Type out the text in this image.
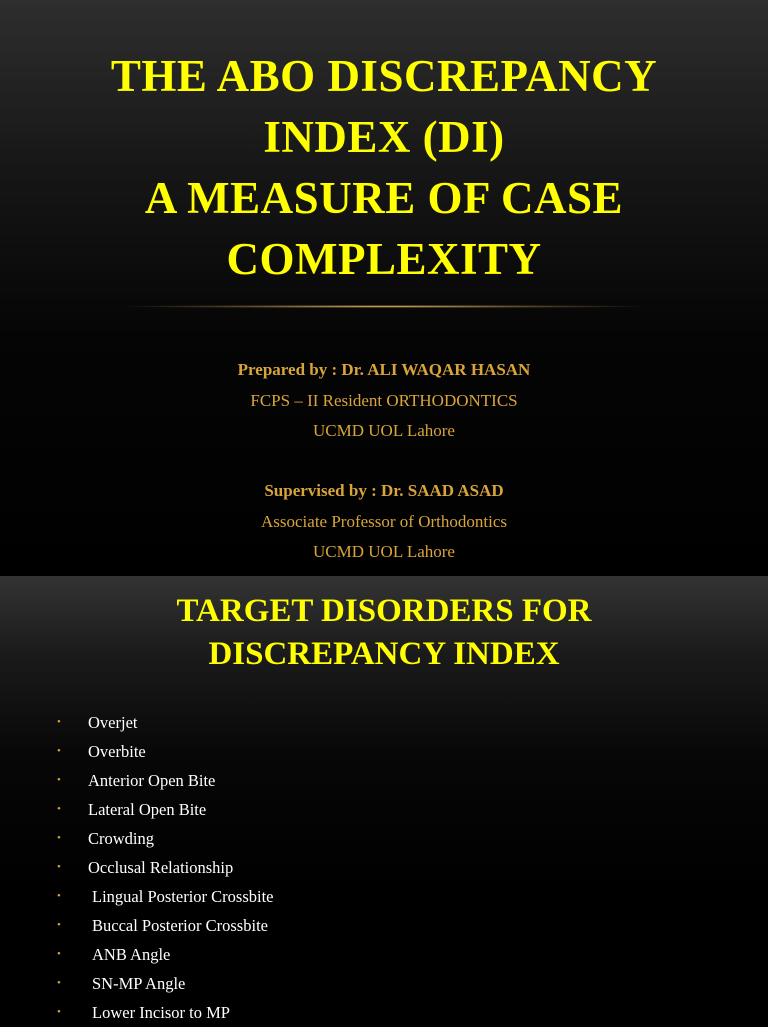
THE ABO DISCREPANCY
INDEX (DI)
A MEASURE OF CASE
COMPLEXITY
Prepared by : Dr. ALI WAQAR HASAN
FCPS – II Resident ORTHODONTICS
UCMD UOL Lahore
Supervised by : Dr. SAAD ASAD
Associate Professor of Orthodontics
UCMD UOL Lahore
TARGET DISORDERS FOR
DISCREPANCY INDEX
• Overjet
• Overbite
• Anterior Open Bite
• Lateral Open Bite
• Crowding
• Occlusal Relationship
• Lingual Posterior Crossbite
• Buccal Posterior Crossbite
• ANB Angle
• SN-MP Angle
• Lower Incisor to MP
